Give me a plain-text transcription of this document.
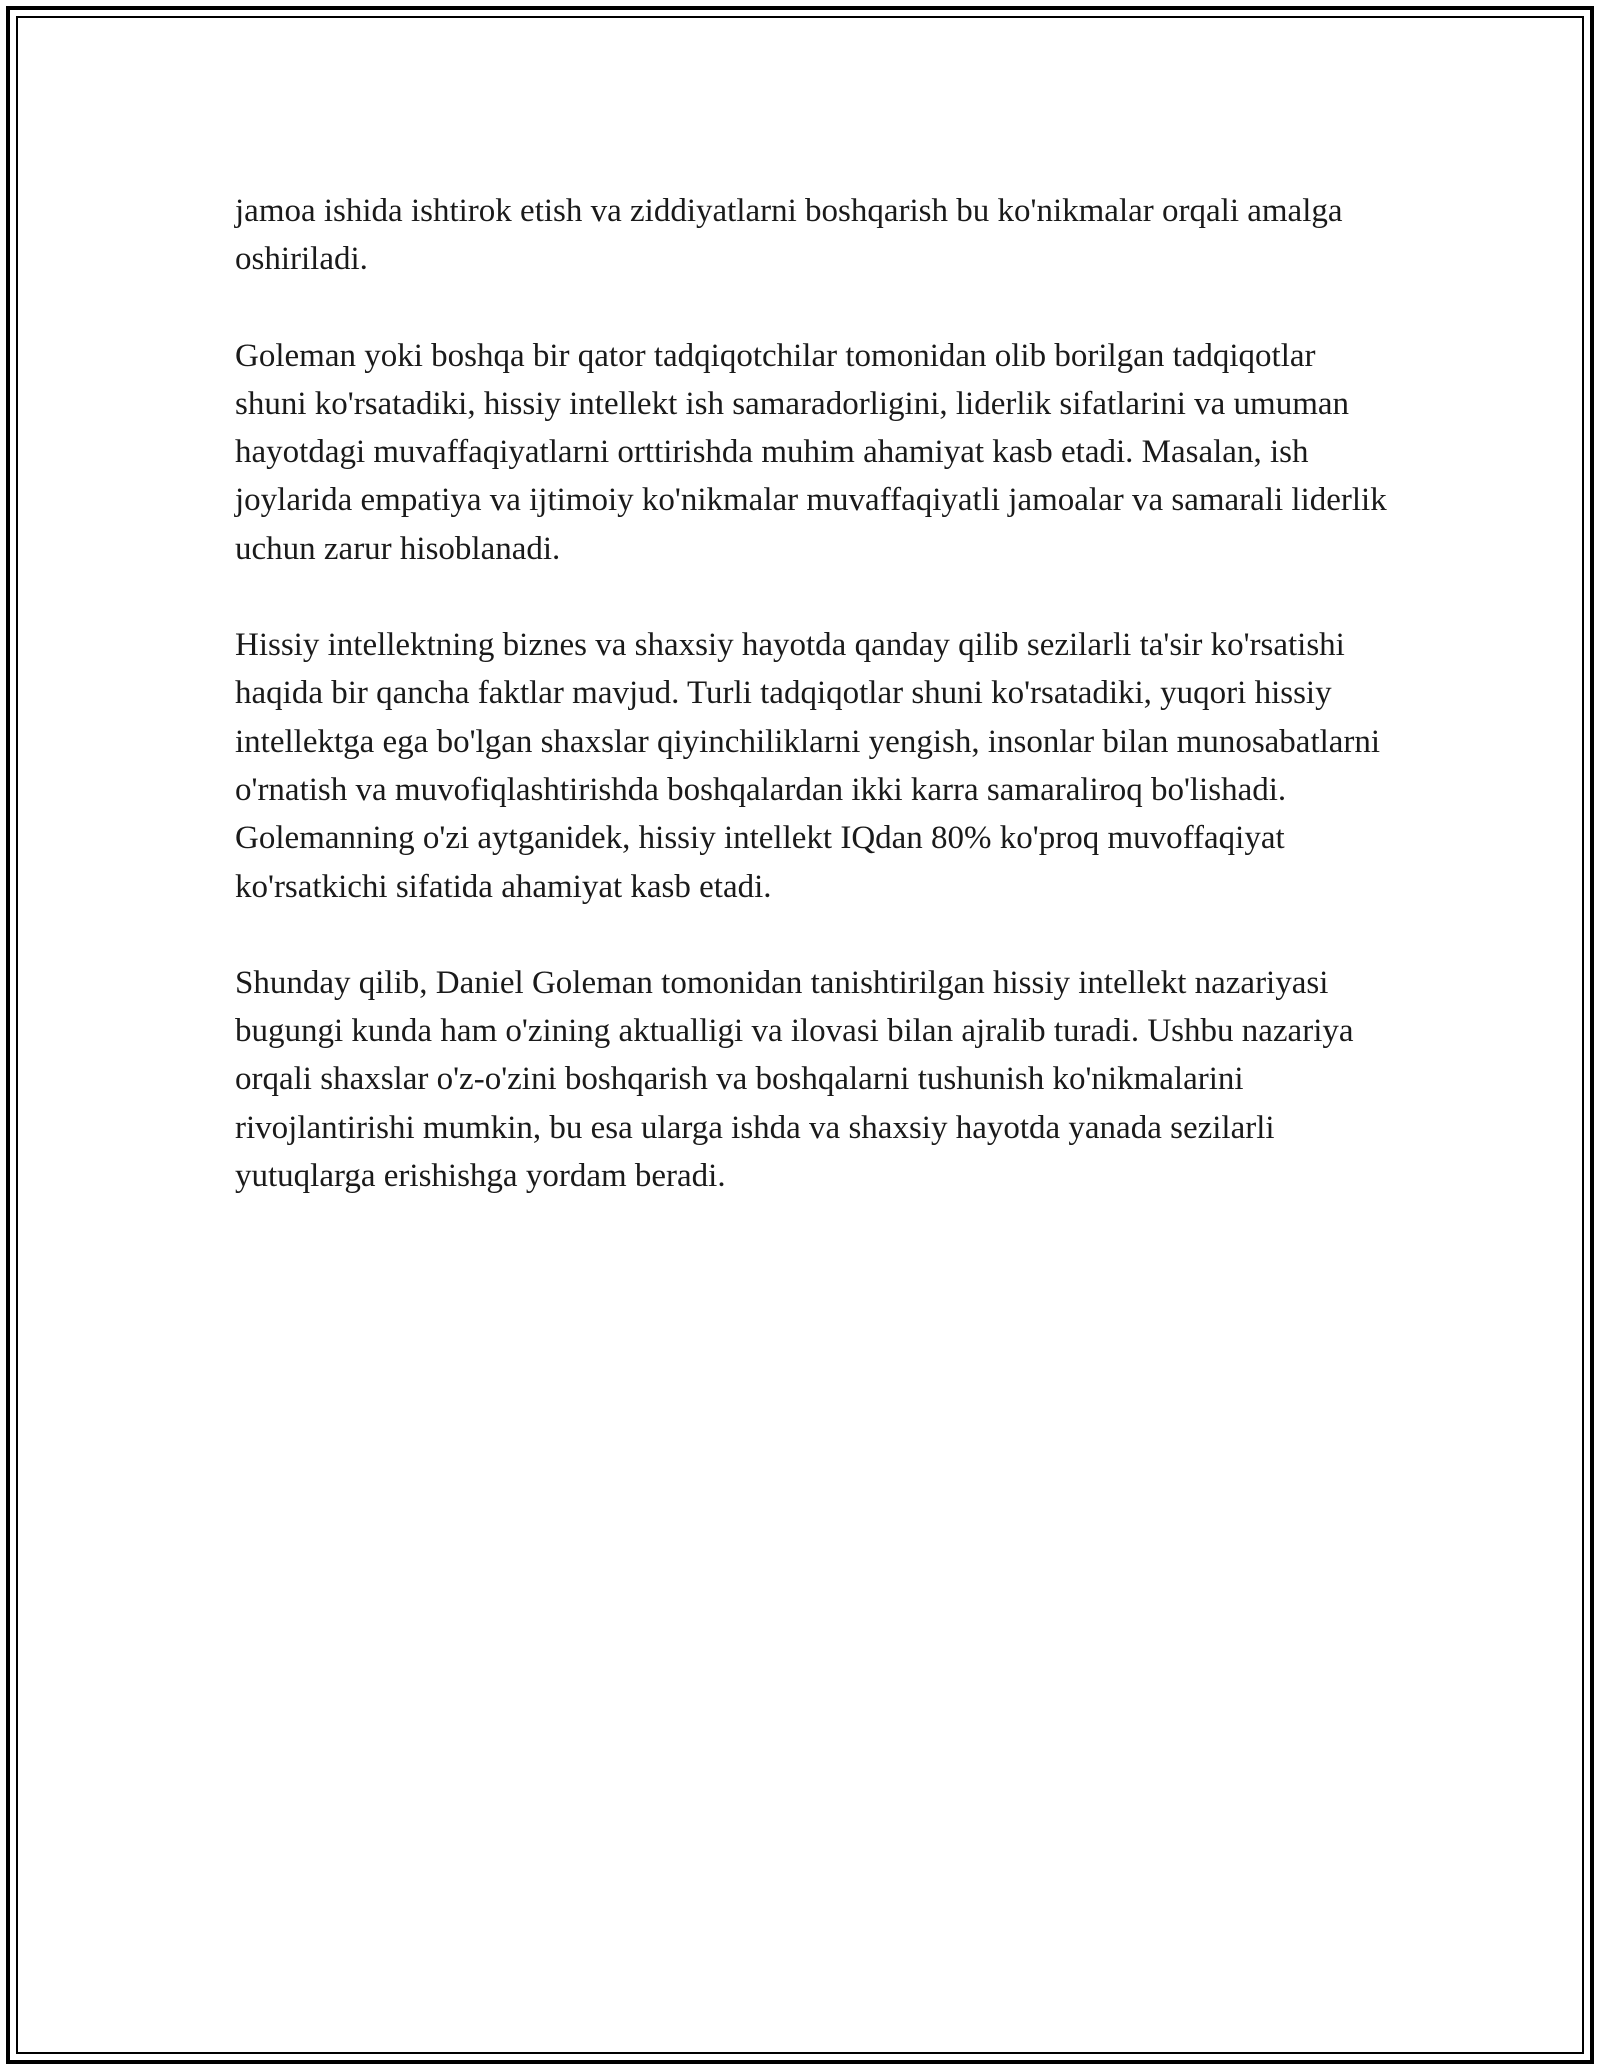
jamoa ishida ishtirok etish va ziddiyatlarni boshqarish bu ko'nikmalar orqali amalga oshiriladi.

Goleman yoki boshqa bir qator tadqiqotchilar tomonidan olib borilgan tadqiqotlar shuni ko'rsatadiki, hissiy intellekt ish samaradorligini, liderlik sifatlarini va umuman hayotdagi muvaffaqiyatlarni orttirishda muhim ahamiyat kasb etadi. Masalan, ish joylarida empatiya va ijtimoiy ko'nikmalar muvaffaqiyatli jamoalar va samarali liderlik uchun zarur hisoblanadi.

Hissiy intellektning biznes va shaxsiy hayotda qanday qilib sezilarli ta'sir ko'rsatishi haqida bir qancha faktlar mavjud. Turli tadqiqotlar shuni ko'rsatadiki, yuqori hissiy intellektga ega bo'lgan shaxslar qiyinchiliklarni yengish, insonlar bilan munosabatlarni o'rnatish va muvofiqlashtirishda boshqalardan ikki karra samaraliroq bo'lishadi. Golemanning o'zi aytganidek, hissiy intellekt IQdan 80% ko'proq muvoffaqiyat ko'rsatkichi sifatida ahamiyat kasb etadi.

Shunday qilib, Daniel Goleman tomonidan tanishtirilgan hissiy intellekt nazariyasi bugungi kunda ham o'zining aktualligi va ilovasi bilan ajralib turadi. Ushbu nazariya orqali shaxslar o'z-o'zini boshqarish va boshqalarni tushunish ko'nikmalarini rivojlantirishi mumkin, bu esa ularga ishda va shaxsiy hayotda yanada sezilarli yutuqlarga erishishga yordam beradi.
